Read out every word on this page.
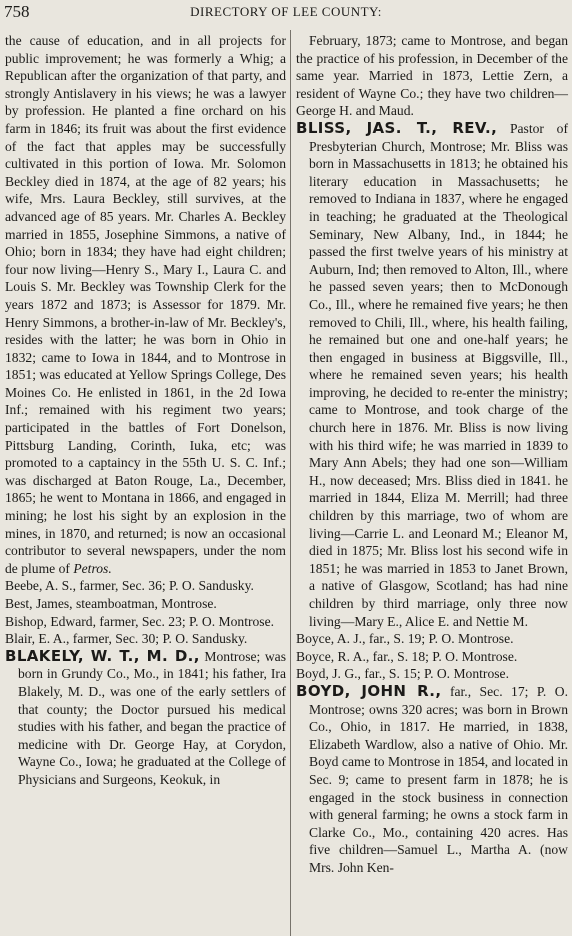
758	DIRECTORY OF LEE COUNTY:

the cause of education, and in all projects for public improvement; he was formerly a Whig; a Republican after the organization of that party, and strongly Antislavery in his views; he was a lawyer by profession. He planted a fine orchard on his farm in 1846; its fruit was about the first evidence of the fact that apples may be successfully cultivated in this portion of Iowa. Mr. Solomon Beckley died in 1874, at the age of 82 years; his wife, Mrs. Laura Beckley, still survives, at the advanced age of 85 years. Mr. Charles A. Beckley married in 1855, Josephine Simmons, a native of Ohio; born in 1834; they have had eight children; four now living—Henry S., Mary I., Laura C. and Louis S. Mr. Beckley was Township Clerk for the years 1872 and 1873; is Assessor for 1879. Mr. Henry Simmons, a brother-in-law of Mr. Beckley's, resides with the latter; he was born in Ohio in 1832; came to Iowa in 1844, and to Montrose in 1851; was educated at Yellow Springs College, Des Moines Co. He enlisted in 1861, in the 2d Iowa Inf.; remained with his regiment two years; participated in the battles of Fort Donelson, Pittsburg Landing, Corinth, Iuka, etc; was promoted to a captaincy in the 55th U. S. C. Inf.; was discharged at Baton Rouge, La., December, 1865; he went to Montana in 1866, and engaged in mining; he lost his sight by an explosion in the mines, in 1870, and returned; is now an occasional contributor to several newspapers, under the nom de plume of Petros.

Beebe, A. S., farmer, Sec. 36; P. O. Sandusky.

Best, James, steamboatman, Montrose.

Bishop, Edward, farmer, Sec. 23; P. O. Montrose.

Blair, E. A., farmer, Sec. 30; P. O. Sandusky.

BLAKELY, W. T., M. D., Montrose; was born in Grundy Co., Mo., in 1841; his father, Ira Blakely, M. D., was one of the early settlers of that county; the Doctor pursued his medical studies with his father, and began the practice of medicine with Dr. George Hay, at Corydon, Wayne Co., Iowa; he graduated at the College of Physicians and Surgeons, Keokuk, in

February, 1873; came to Montrose, and began the practice of his profession, in December of the same year. Married in 1873, Lettie Zern, a resident of Wayne Co.; they have two children—George H. and Maud.

BLISS, JAS. T., REV., Pastor of Presbyterian Church, Montrose; Mr. Bliss was born in Massachusetts in 1813; he obtained his literary education in Massachusetts; he removed to Indiana in 1837, where he engaged in teaching; he graduated at the Theological Seminary, New Albany, Ind., in 1844; he passed the first twelve years of his ministry at Auburn, Ind; then removed to Alton, Ill., where he passed seven years; then to McDonough Co., Ill., where he remained five years; he then removed to Chili, Ill., where, his health failing, he remained but one and one-half years; he then engaged in business at Biggsville, Ill., where he remained seven years; his health improving, he decided to re-enter the ministry; came to Montrose, and took charge of the church here in 1876. Mr. Bliss is now living with his third wife; he was married in 1839 to Mary Ann Abels; they had one son—William H., now deceased; Mrs. Bliss died in 1841. he married in 1844, Eliza M. Merrill; had three children by this marriage, two of whom are living—Carrie L. and Leonard M.; Eleanor M, died in 1875; Mr. Bliss lost his second wife in 1851; he was married in 1853 to Janet Brown, a native of Glasgow, Scotland; has had nine children by third marriage, only three now living—Mary E., Alice E. and Nettie M.

Boyce, A. J., far., S. 19; P. O. Montrose.

Boyce, R. A., far., S. 18; P. O. Montrose.

Boyd, J. G., far., S. 15; P. O. Montrose.

BOYD, JOHN R., far., Sec. 17; P. O. Montrose; owns 320 acres; was born in Brown Co., Ohio, in 1817. He married, in 1838, Elizabeth Wardlow, also a native of Ohio. Mr. Boyd came to Montrose in 1854, and located in Sec. 9; came to present farm in 1878; he is engaged in the stock business in connection with general farming; he owns a stock farm in Clarke Co., Mo., containing 420 acres. Has five children—Samuel L., Martha A. (now Mrs. John Ken-
